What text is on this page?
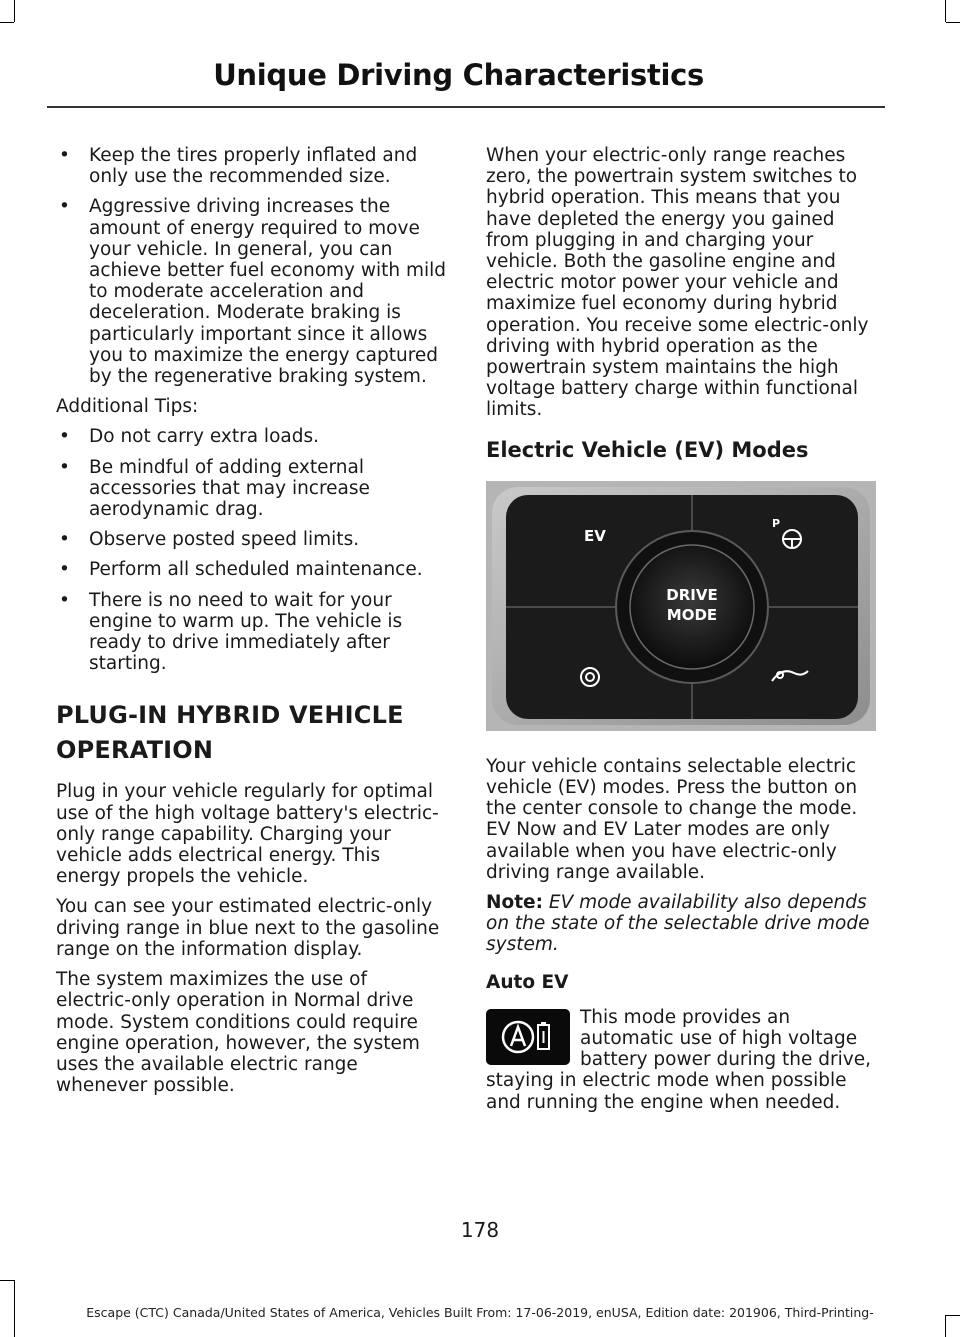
Unique Driving Characteristics
• Keep the tires properly inflated and only use the recommended size.
• Aggressive driving increases the amount of energy required to move your vehicle. In general, you can achieve better fuel economy with mild to moderate acceleration and deceleration. Moderate braking is particularly important since it allows you to maximize the energy captured by the regenerative braking system.

Additional Tips:

• Do not carry extra loads.
• Be mindful of adding external accessories that may increase aerodynamic drag.
• Observe posted speed limits.
• Perform all scheduled maintenance.
• There is no need to wait for your engine to warm up. The vehicle is ready to drive immediately after starting.
PLUG-IN HYBRID VEHICLE
OPERATION

Plug in your vehicle regularly for optimal use of the high voltage battery's electric-only range capability. Charging your vehicle adds electrical energy. This energy propels the vehicle.

You can see your estimated electric-only driving range in blue next to the gasoline range on the information display.

The system maximizes the use of electric-only operation in Normal drive mode. System conditions could require engine operation, however, the system uses the available electric range whenever possible.

When your electric-only range reaches zero, the powertrain system switches to hybrid operation. This means that you have depleted the energy you gained from plugging in and charging your vehicle. Both the gasoline engine and electric motor power your vehicle and maximize fuel economy during hybrid operation. You receive some electric-only driving with hybrid operation as the powertrain system maintains the high voltage battery charge within functional limits.

Electric Vehicle (EV) Modes
DRIVE
MODE
EV
P

Your vehicle contains selectable electric vehicle (EV) modes. Press the button on the center console to change the mode. EV Now and EV Later modes are only available when you have electric-only driving range available.

Note: EV mode availability also depends on the state of the selectable drive mode system.

Auto EV
This mode provides an automatic use of high voltage battery power during the drive, staying in electric mode when possible and running the engine when needed.
178
Escape (CTC) Canada/United States of America, Vehicles Built From: 17-06-2019, enUSA, Edition date: 201906, Third-Printing-
